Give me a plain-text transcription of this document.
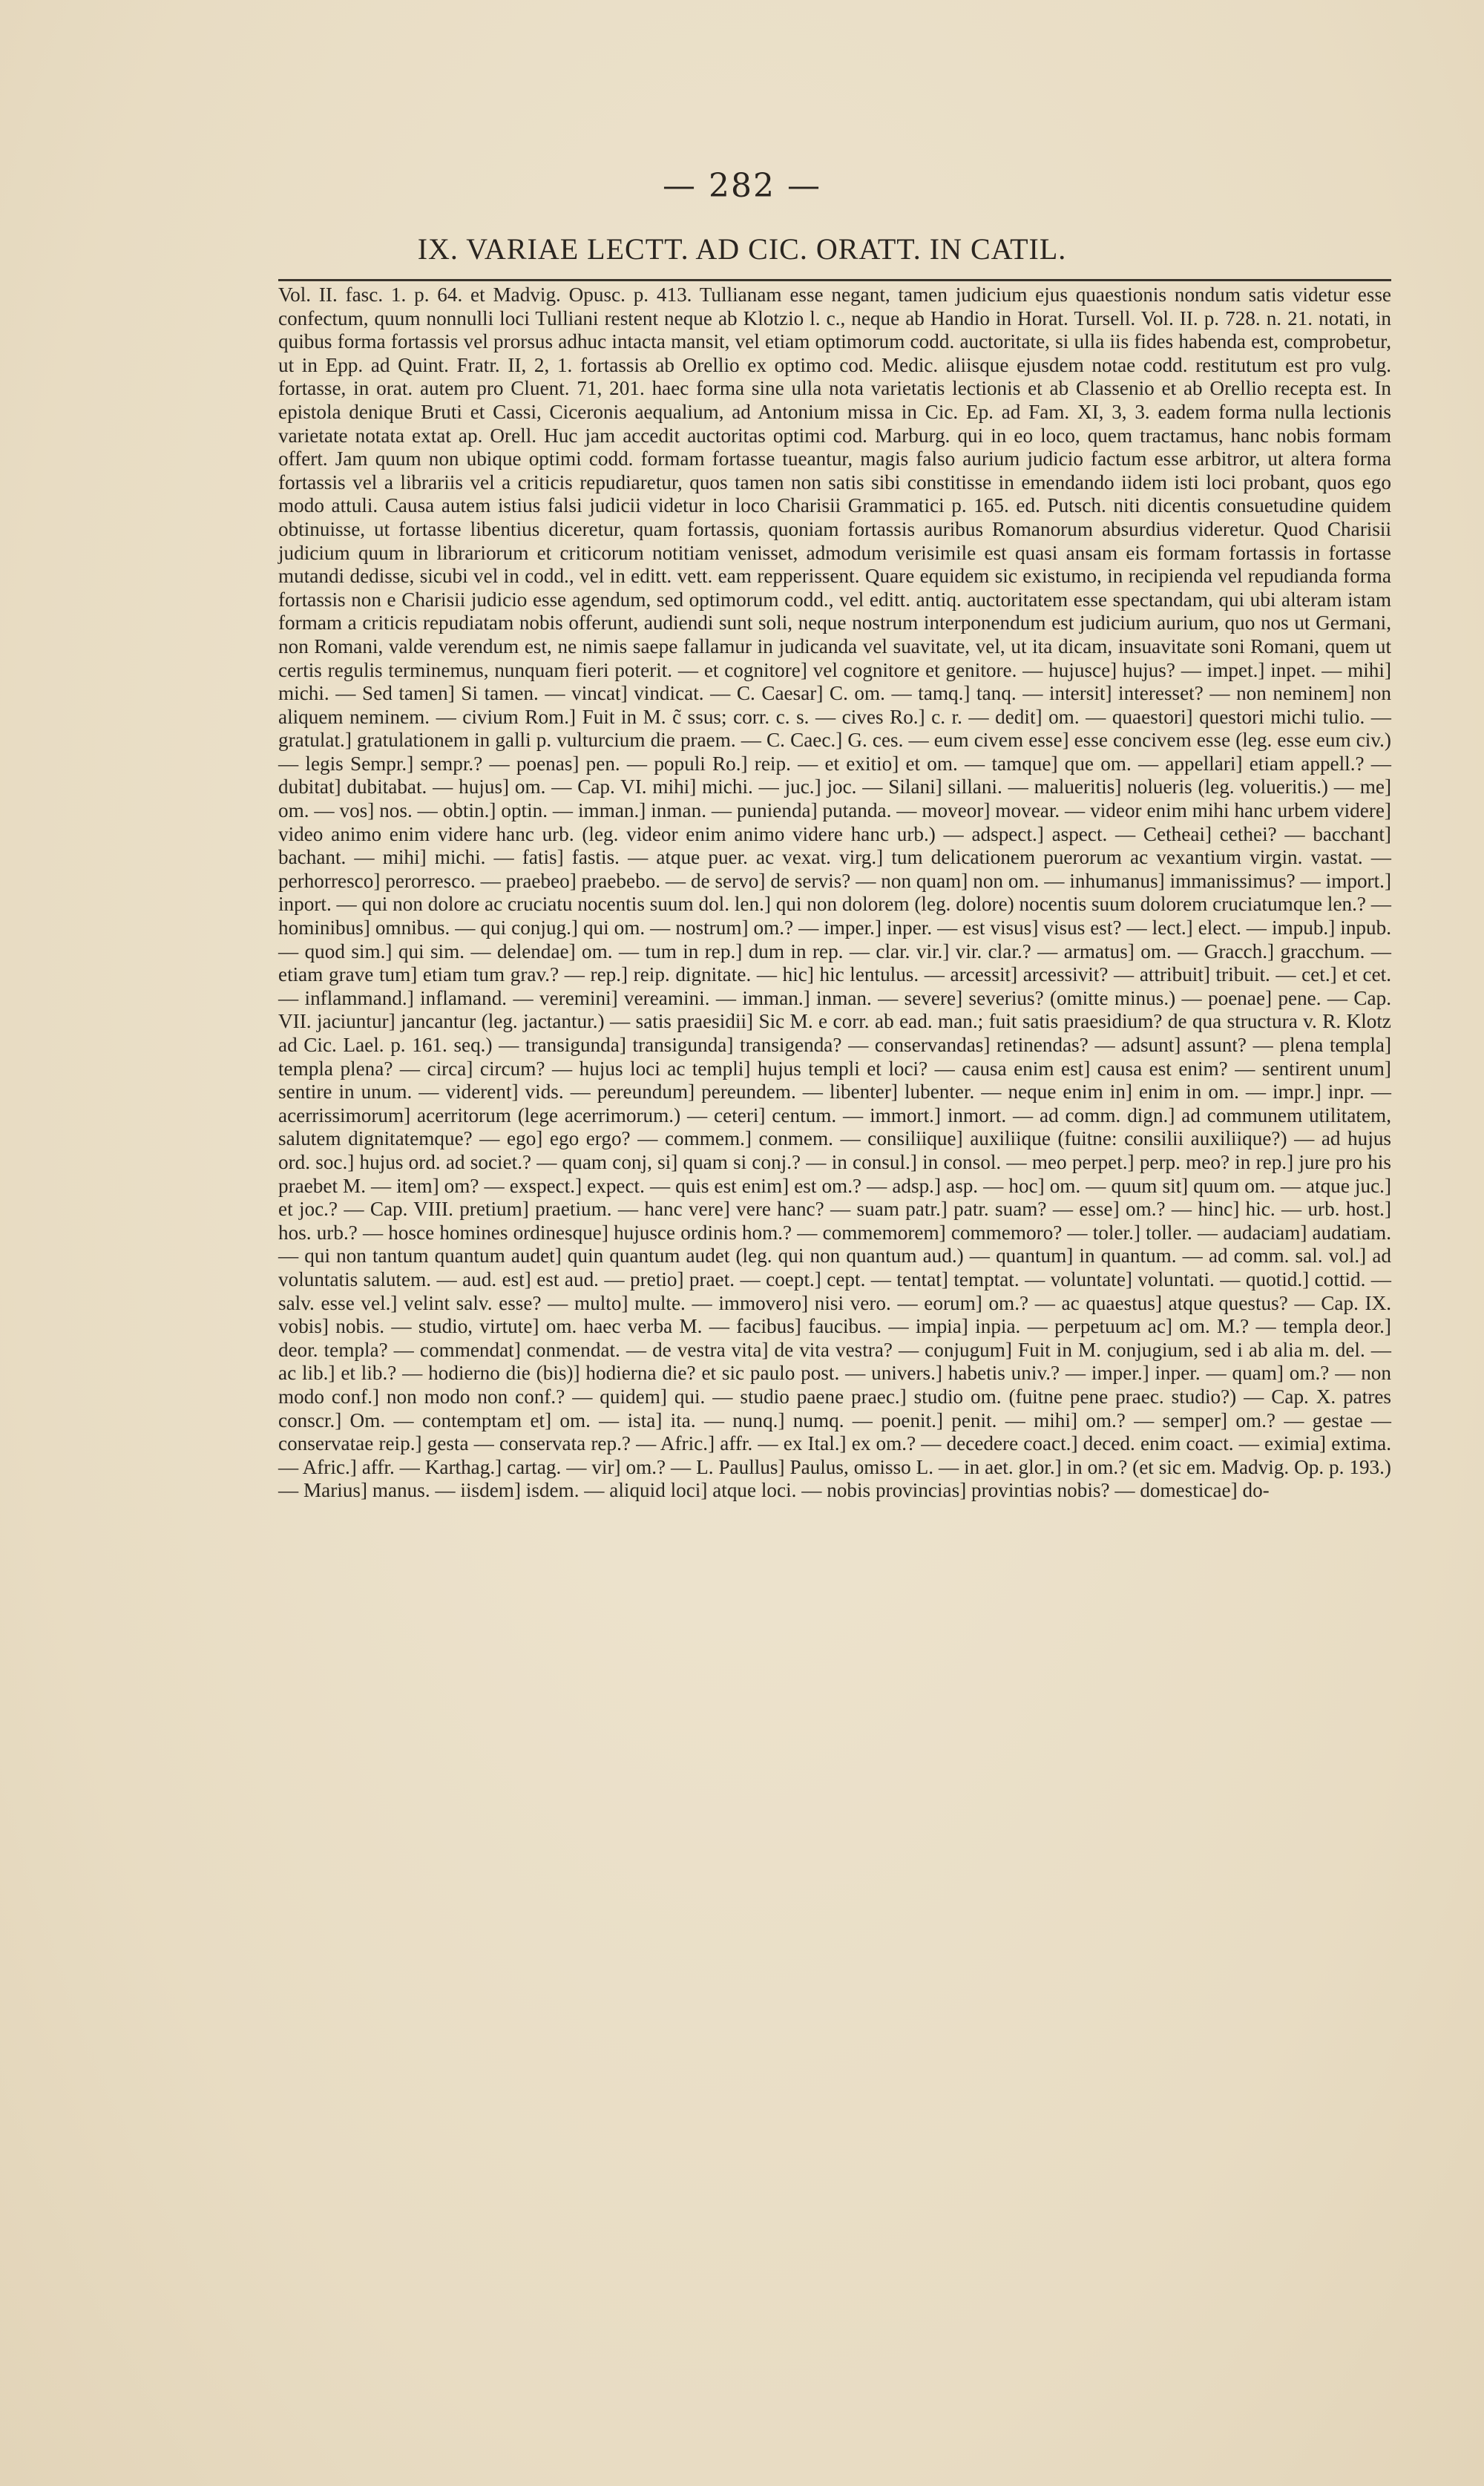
— 282 —
IX. VARIAE LECTT. AD CIC. ORATT. IN CATIL.

Vol. II. fasc. 1. p. 64. et Madvig. Opusc. p. 413. Tullianam esse negant, tamen judicium ejus quaestionis nondum satis videtur esse confectum, quum nonnulli loci Tulliani restent neque ab Klotzio l. c., neque ab Handio in Horat. Tursell. Vol. II. p. 728. n. 21. notati, in quibus forma fortassis vel prorsus adhuc intacta mansit, vel etiam optimorum codd. auctoritate, si ulla iis fides habenda est, comprobetur, ut in Epp. ad Quint. Fratr. II, 2, 1. fortassis ab Orellio ex optimo cod. Medic. aliisque ejusdem notae codd. restitutum est pro vulg. fortasse, in orat. autem pro Cluent. 71, 201. haec forma sine ulla nota varietatis lectionis et ab Classenio et ab Orellio recepta est. In epistola denique Bruti et Cassi, Ciceronis aequalium, ad Antonium missa in Cic. Ep. ad Fam. XI, 3, 3. eadem forma nulla lectionis varietate notata extat ap. Orell. Huc jam accedit auctoritas optimi cod. Marburg. qui in eo loco, quem tractamus, hanc nobis formam offert. Jam quum non ubique optimi codd. formam fortasse tueantur, magis falso aurium judicio factum esse arbitror, ut altera forma fortassis vel a librariis vel a criticis repudiaretur, quos tamen non satis sibi constitisse in emendando iidem isti loci probant, quos ego modo attuli. Causa autem istius falsi judicii videtur in loco Charisii Grammatici p. 165. ed. Putsch. niti dicentis consuetudine quidem obtinuisse, ut fortasse libentius diceretur, quam fortassis, quoniam fortassis auribus Romanorum absurdius videretur. Quod Charisii judicium quum in librariorum et criticorum notitiam venisset, admodum verisimile est quasi ansam eis formam fortassis in fortasse mutandi dedisse, sicubi vel in codd., vel in editt. vett. eam repperissent. Quare equidem sic existumo, in recipienda vel repudianda forma fortassis non e Charisii judicio esse agendum, sed optimorum codd., vel editt. antiq. auctoritatem esse spectandam, qui ubi alteram istam formam a criticis repudiatam nobis offerunt, audiendi sunt soli, neque nostrum interponendum est judicium aurium, quo nos ut Germani, non Romani, valde verendum est, ne nimis saepe fallamur in judicanda vel suavitate, vel, ut ita dicam, insuavitate soni Romani, quem ut certis regulis terminemus, nunquam fieri poterit. — et cognitore] vel cognitore et genitore. — hujusce] hujus? — impet.] inpet. — mihi] michi. — Sed tamen] Si tamen. — vincat] vindicat. — C. Caesar] C. om. — tamq.] tanq. — intersit] interesset? — non neminem] non aliquem neminem. — civium Rom.] Fuit in M. c̃ ssus; corr. c. s. — cives Ro.] c. r. — dedit] om. — quaestori] questori michi tulio. — gratulat.] gratulationem in galli p. vulturcium die praem. — C. Caec.] G. ces. — eum civem esse] esse concivem esse (leg. esse eum civ.) — legis Sempr.] sempr.? — poenas] pen. — populi Ro.] reip. — et exitio] et om. — tamque] que om. — appellari] etiam appell.? — dubitat] dubitabat. — hujus] om. — Cap. VI. mihi] michi. — juc.] joc. — Silani] sillani. — malueritis] nolueris (leg. volueritis.) — me] om. — vos] nos. — obtin.] optin. — imman.] inman. — punienda] putanda. — moveor] movear. — videor enim mihi hanc urbem videre] video animo enim videre hanc urb. (leg. videor enim animo videre hanc urb.) — adspect.] aspect. — Cetheai] cethei? — bacchant] bachant. — mihi] michi. — fatis] fastis. — atque puer. ac vexat. virg.] tum delicationem puerorum ac vexantium virgin. vastat. — perhorresco] perorresco. — praebeo] praebebo. — de servo] de servis? — non quam] non om. — inhumanus] immanissimus? — import.] inport. — qui non dolore ac cruciatu nocentis suum dol. len.] qui non dolorem (leg. dolore) nocentis suum dolorem cruciatumque len.? — hominibus] omnibus. — qui conjug.] qui om. — nostrum] om.? — imper.] inper. — est visus] visus est? — lect.] elect. — impub.] inpub. — quod sim.] qui sim. — delendae] om. — tum in rep.] dum in rep. — clar. vir.] vir. clar.? — armatus] om. — Gracch.] gracchum. — etiam grave tum] etiam tum grav.? — rep.] reip. dignitate. — hic] hic lentulus. — arcessit] arcessivit? — attribuit] tribuit. — cet.] et cet. — inflammand.] inflamand. — veremini] vereamini. — imman.] inman. — severe] severius? (omitte minus.) — poenae] pene. — Cap. VII. jaciuntur] jancantur (leg. jactantur.) — satis praesidii] Sic M. e corr. ab ead. man.; fuit satis praesidium? de qua structura v. R. Klotz ad Cic. Lael. p. 161. seq.) — transigunda] transigunda] transigenda? — conservandas] retinendas? — adsunt] assunt? — plena templa] templa plena? — circa] circum? — hujus loci ac templi] hujus templi et loci? — causa enim est] causa est enim? — sentirent unum] sentire in unum. — viderent] vids. — pereundum] pereundem. — libenter] lubenter. — neque enim in] enim in om. — impr.] inpr. — acerrissimorum] acerritorum (lege acerrimorum.) — ceteri] centum. — immort.] inmort. — ad comm. dign.] ad communem utilitatem, salutem dignitatemque? — ego] ego ergo? — commem.] conmem. — consiliique] auxiliique (fuitne: consilii auxiliique?) — ad hujus ord. soc.] hujus ord. ad societ.? — quam conj, si] quam si conj.? — in consul.] in consol. — meo perpet.] perp. meo? in rep.] jure pro his praebet M. — item] om? — exspect.] expect. — quis est enim] est om.? — adsp.] asp. — hoc] om. — quum sit] quum om. — atque juc.] et joc.? — Cap. VIII. pretium] praetium. — hanc vere] vere hanc? — suam patr.] patr. suam? — esse] om.? — hinc] hic. — urb. host.] hos. urb.? — hosce homines ordinesque] hujusce ordinis hom.? — commemorem] commemoro? — toler.] toller. — audaciam] audatiam. — qui non tantum quantum audet] quin quantum audet (leg. qui non quantum aud.) — quantum] in quantum. — ad comm. sal. vol.] ad voluntatis salutem. — aud. est] est aud. — pretio] praet. — coept.] cept. — tentat] temptat. — voluntate] voluntati. — quotid.] cottid. — salv. esse vel.] velint salv. esse? — multo] multe. — immovero] nisi vero. — eorum] om.? — ac quaestus] atque questus? — Cap. IX. vobis] nobis. — studio, virtute] om. haec verba M. — facibus] faucibus. — impia] inpia. — perpetuum ac] om. M.? — templa deor.] deor. templa? — commendat] conmendat. — de vestra vita] de vita vestra? — conjugum] Fuit in M. conjugium, sed i ab alia m. del. — ac lib.] et lib.? — hodierno die (bis)] hodierna die? et sic paulo post. — univers.] habetis univ.? — imper.] inper. — quam] om.? — non modo conf.] non modo non conf.? — quidem] qui. — studio paene praec.] studio om. (fuitne pene praec. studio?) — Cap. X. patres conscr.] Om. — contemptam et] om. — ista] ita. — nunq.] numq. — poenit.] penit. — mihi] om.? — semper] om.? — gestae — conservatae reip.] gesta — conservata rep.? — Afric.] affr. — ex Ital.] ex om.? — decedere coact.] deced. enim coact. — eximia] extima. — Afric.] affr. — Karthag.] cartag. — vir] om.? — L. Paullus] Paulus, omisso L. — in aet. glor.] in om.? (et sic em. Madvig. Op. p. 193.) — Marius] manus. — iisdem] isdem. — aliquid loci] atque loci. — nobis provincias] provintias nobis? — domesticae] do-
